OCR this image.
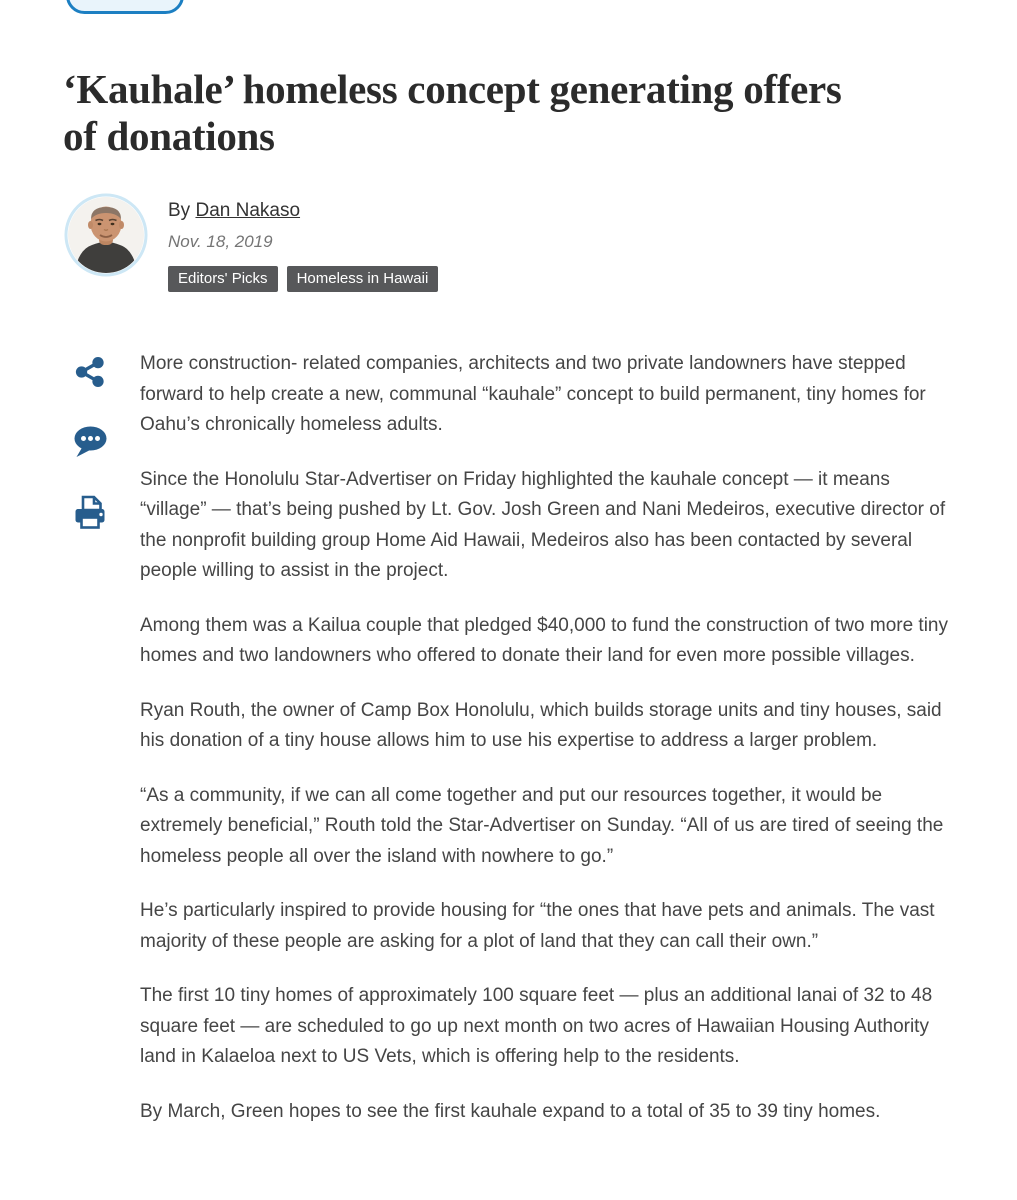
‘Kauhale’ homeless concept generating offers of donations
By Dan Nakaso
Nov. 18, 2019
Editors' Picks	Homeless in Hawaii

More construction- related companies, architects and two private landowners have stepped forward to help create a new, communal “kauhale” concept to build permanent, tiny homes for Oahu’s chronically homeless adults.

Since the Honolulu Star-Advertiser on Friday highlighted the kauhale concept — it means “village” — that’s being pushed by Lt. Gov. Josh Green and Nani Medeiros, executive director of the nonprofit building group Home Aid Hawaii, Medeiros also has been contacted by several people willing to assist in the project.

Among them was a Kailua couple that pledged $40,000 to fund the construction of two more tiny homes and two landowners who offered to donate their land for even more possible villages.

Ryan Routh, the owner of Camp Box Honolulu, which builds storage units and tiny houses, said his donation of a tiny house allows him to use his expertise to address a larger problem.

“As a community, if we can all come together and put our resources together, it would be extremely beneficial,” Routh told the Star-Advertiser on Sunday. “All of us are tired of seeing the homeless people all over the island with nowhere to go.”

He’s particularly inspired to provide housing for “the ones that have pets and animals. The vast majority of these people are asking for a plot of land that they can call their own.”

The first 10 tiny homes of approximately 100 square feet — plus an additional lanai of 32 to 48 square feet — are scheduled to go up next month on two acres of Hawaiian Housing Authority land in Kalaeloa next to US Vets, which is offering help to the residents.

By March, Green hopes to see the first kauhale expand to a total of 35 to 39 tiny homes.
